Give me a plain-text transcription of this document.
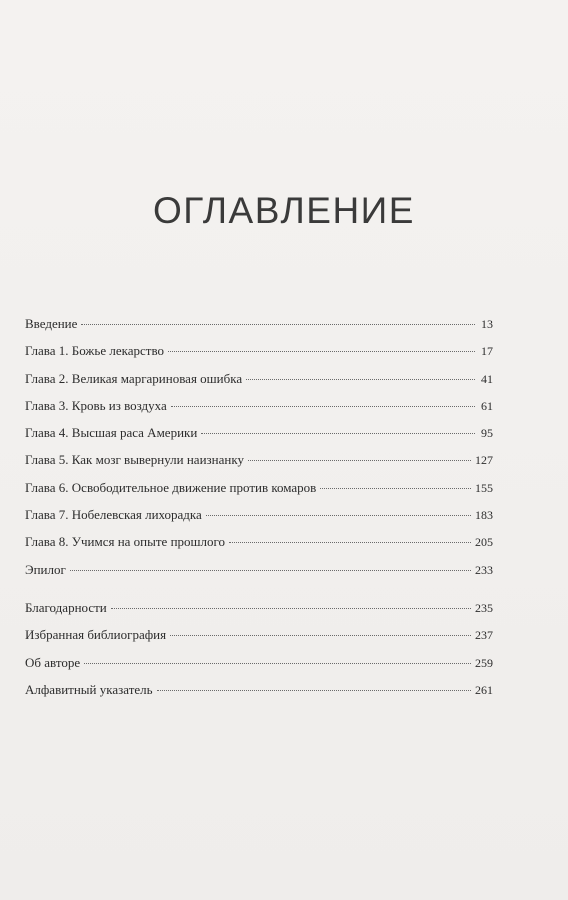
ОГЛАВЛЕНИЕ
Введение	13
Глава 1. Божье лекарство	17
Глава 2. Великая маргариновая ошибка	41
Глава 3. Кровь из воздуха	61
Глава 4. Высшая раса Америки	95
Глава 5. Как мозг вывернули наизнанку	127
Глава 6. Освободительное движение против комаров	155
Глава 7. Нобелевская лихорадка	183
Глава 8. Учимся на опыте прошлого	205
Эпилог	233
Благодарности	235
Избранная библиография	237
Об авторе	259
Алфавитный указатель	261
